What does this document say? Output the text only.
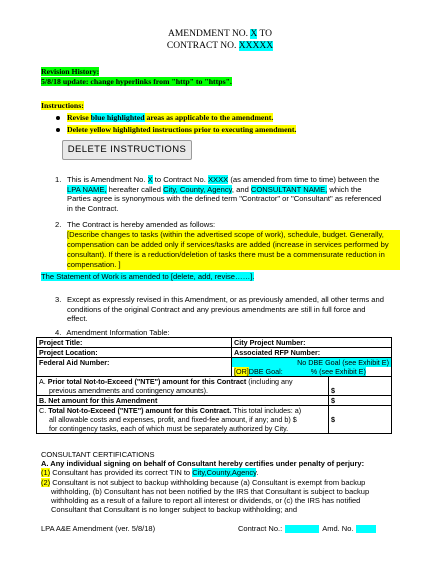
AMENDMENT NO. X TO
CONTRACT NO. XXXXX
Revision History:
5/8/18 update: change hyperlinks from "http" to "https".
Instructions:
Revise blue highlighted areas as applicable to the amendment.
Delete yellow highlighted instructions prior to executing amendment.
DELETE INSTRUCTIONS
1. This is Amendment No. X to Contract No. XXXX (as amended from time to time) between the
LPA NAME, hereafter called City, County, Agency, and CONSULTANT NAME, which the
Parties agree is synonymous with the defined term "Contractor" or "Consultant" as referenced
in the Contract.
2. The Contract is hereby amended as follows:
[Describe changes to tasks (within the advertised scope of work), schedule, budget. Generally,
compensation can be added only if services/tasks are added (increase in services performed by
consultant). If there is a reduction/deletion of tasks there must be a commensurate reduction in
compensation. ]
The Statement of Work is amended to [delete, add, revise……].
3. Except as expressly revised in this Amendment, or as previously amended, all other terms and
conditions of the original Contract and any previous amendments are still in full force and
effect.
4. Amendment Information Table:
Project Title:	City Project Number:	
Project Location:	Associated RFP Number:	
Federal Aid Number:	No DBE Goal (see Exhibit E)
[OR]DBE Goal: % (see Exhibit E)	

A. Prior total Not-to-Exceed ("NTE") amount for this Contract (including any
previous amendments and contingency amounts).		$
B. Net amount for this Amendment		$
C. Total Not-to-Exceed ("NTE") amount for this Contract. This total includes: a)
all allowable costs and expenses, profit, and fixed-fee amount, if any; and b) $
for contingency tasks, each of which must be separately authorized by City.		$
CONSULTANT CERTIFICATIONS
A. Any individual signing on behalf of Consultant hereby certifies under penalty of perjury:
(1) Consultant has provided its correct TIN to City,County,Agency.
(2) Consultant is not subject to backup withholding because (a) Consultant is exempt from backup
withholding, (b) Consultant has not been notified by the IRS that Consultant is subject to backup
withholding as a result of a failure to report all interest or dividends, or (c) the IRS has notified
Consultant that Consultant is no longer subject to backup withholding; and
LPA A&E Amendment (ver. 5/8/18)	Contract No.:	Amd. No.
